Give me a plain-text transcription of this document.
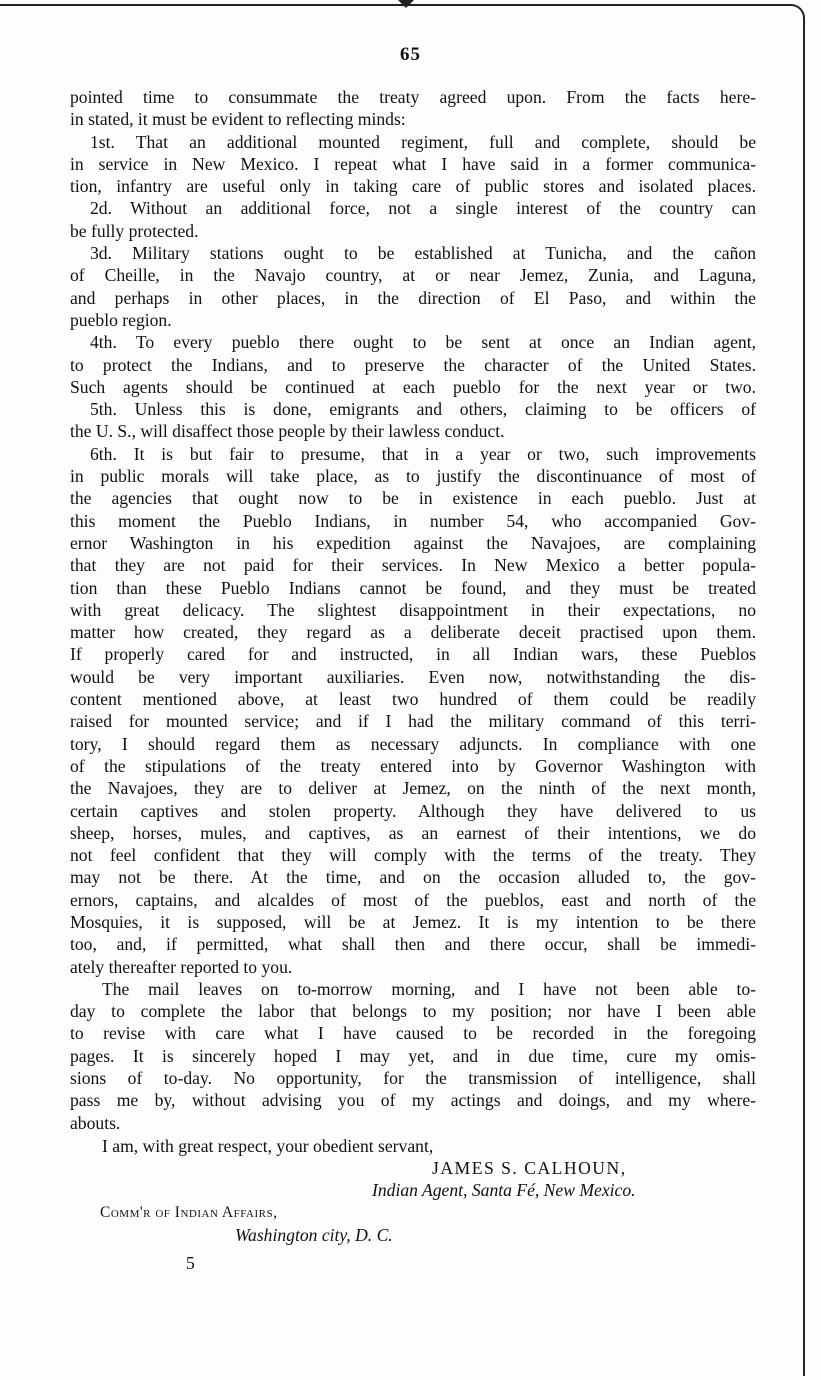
65
pointed time to consummate the treaty agreed upon. From the facts here-
in stated, it must be evident to reflecting minds:
1st. That an additional mounted regiment, full and complete, should be
in service in New Mexico. I repeat what I have said in a former communica-
tion, infantry are useful only in taking care of public stores and isolated places.
2d. Without an additional force, not a single interest of the country can
be fully protected.
3d. Military stations ought to be established at Tunicha, and the cañon
of Cheille, in the Navajo country, at or near Jemez, Zunia, and Laguna,
and perhaps in other places, in the direction of El Paso, and within the
pueblo region.
4th. To every pueblo there ought to be sent at once an Indian agent,
to protect the Indians, and to preserve the character of the United States.
Such agents should be continued at each pueblo for the next year or two.
5th. Unless this is done, emigrants and others, claiming to be officers of
the U. S., will disaffect those people by their lawless conduct.
6th. It is but fair to presume, that in a year or two, such improvements
in public morals will take place, as to justify the discontinuance of most of
the agencies that ought now to be in existence in each pueblo. Just at
this moment the Pueblo Indians, in number 54, who accompanied Gov-
ernor Washington in his expedition against the Navajoes, are complaining
that they are not paid for their services. In New Mexico a better popula-
tion than these Pueblo Indians cannot be found, and they must be treated
with great delicacy. The slightest disappointment in their expectations, no
matter how created, they regard as a deliberate deceit practised upon them.
If properly cared for and instructed, in all Indian wars, these Pueblos
would be very important auxiliaries. Even now, notwithstanding the dis-
content mentioned above, at least two hundred of them could be readily
raised for mounted service; and if I had the military command of this terri-
tory, I should regard them as necessary adjuncts. In compliance with one
of the stipulations of the treaty entered into by Governor Washington with
the Navajoes, they are to deliver at Jemez, on the ninth of the next month,
certain captives and stolen property. Although they have delivered to us
sheep, horses, mules, and captives, as an earnest of their intentions, we do
not feel confident that they will comply with the terms of the treaty. They
may not be there. At the time, and on the occasion alluded to, the gov-
ernors, captains, and alcaldes of most of the pueblos, east and north of the
Mosquies, it is supposed, will be at Jemez. It is my intention to be there
too, and, if permitted, what shall then and there occur, shall be immedi-
ately thereafter reported to you.
The mail leaves on to-morrow morning, and I have not been able to-
day to complete the labor that belongs to my position; nor have I been able
to revise with care what I have caused to be recorded in the foregoing
pages. It is sincerely hoped I may yet, and in due time, cure my omis-
sions of to-day. No opportunity, for the transmission of intelligence, shall
pass me by, without advising you of my actings and doings, and my where-
abouts.
I am, with great respect, your obedient servant,
JAMES S. CALHOUN,
Indian Agent, Santa Fé, New Mexico.
Comm'r of Indian Affairs,
Washington city, D. C.
5
